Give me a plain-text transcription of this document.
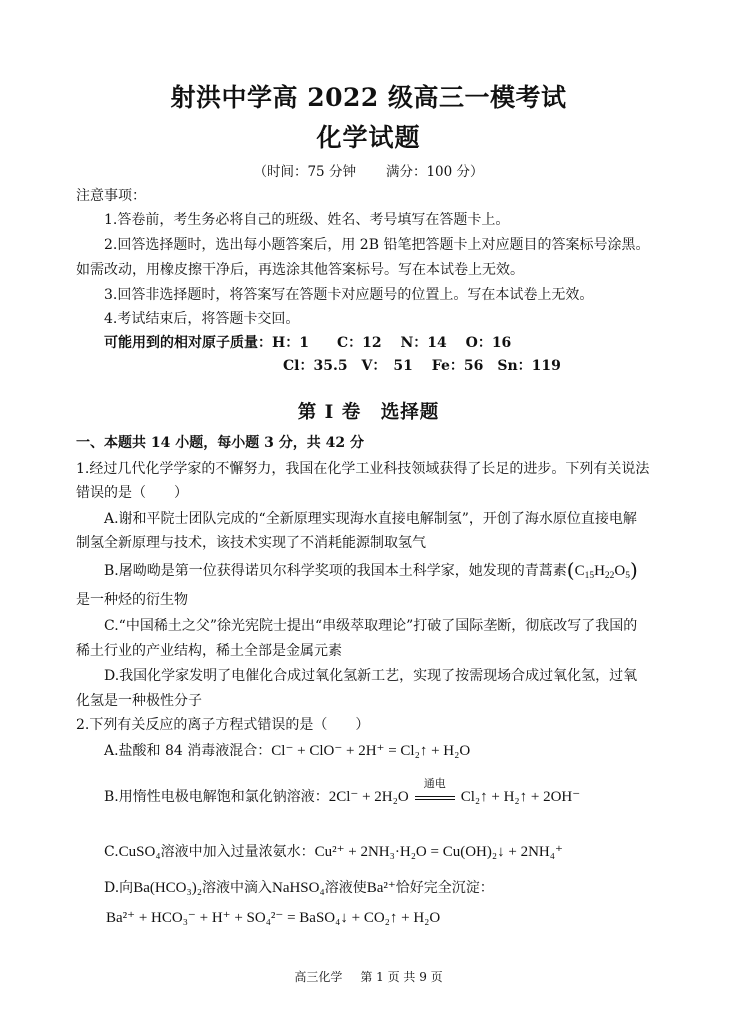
射洪中学高 2022 级高三一模考试
化学试题
（时间：75 分钟 满分：100 分）
注意事项：
1.答卷前，考生务必将自己的班级、姓名、考号填写在答题卡上。
2.回答选择题时，选出每小题答案后，用 2B 铅笔把答题卡上对应题目的答案标号涂黑。
如需改动，用橡皮擦干净后，再选涂其他答案标号。写在本试卷上无效。
3.回答非选择题时，将答案写在答题卡对应题号的位置上。写在本试卷上无效。
4.考试结束后，将答题卡交回。
可能用到的相对原子质量：H：1　　C：12　 N：14　 O：16
Cl：35.5　V：　51　 Fe：56　Sn：119
第 I 卷　选择题
一、本题共 14 小题，每小题 3 分，共 42 分
1.经过几代化学学家的不懈努力，我国在化学工业科技领域获得了长足的进步。下列有关说法
错误的是（　　）
A.谢和平院士团队完成的“全新原理实现海水直接电解制氢”，开创了海水原位直接电解
制氢全新原理与技术，该技术实现了不消耗能源制取氢气
B.屠呦呦是第一位获得诺贝尔科学奖项的我国本土科学家，她发现的青蒿素$(C_{15}H_{22}O_5)$
是一种烃的衍生物
C.“中国稀土之父”徐光宪院士提出“串级萃取理论”打破了国际垄断，彻底改写了我国的
稀土行业的产业结构，稀土全部是金属元素
D.我国化学家发明了电催化合成过氧化氢新工艺，实现了按需现场合成过氧化氢，过氧
化氢是一种极性分子
2.下列有关反应的离子方程式错误的是（　　）
A.盐酸和 84 消毒液混合：Cl⁻ + ClO⁻ + 2H⁺ = Cl₂↑ + H₂O
B.用惰性电极电解饱和氯化钠溶液：2Cl⁻ + 2H₂O
通电
Cl₂↑ + H₂↑ + 2OH⁻
C.CuSO₄溶液中加入过量浓氨水：Cu²⁺ + 2NH₃·H₂O = Cu(OH)₂↓ + 2NH₄⁺
D.向Ba(HCO₃)₂溶液中滴入NaHSO₄溶液使Ba²⁺恰好完全沉淀：
Ba²⁺ + HCO₃⁻ + H⁺ + SO₄²⁻ = BaSO₄↓ + CO₂↑ + H₂O
高三化学 第 1 页 共 9 页
